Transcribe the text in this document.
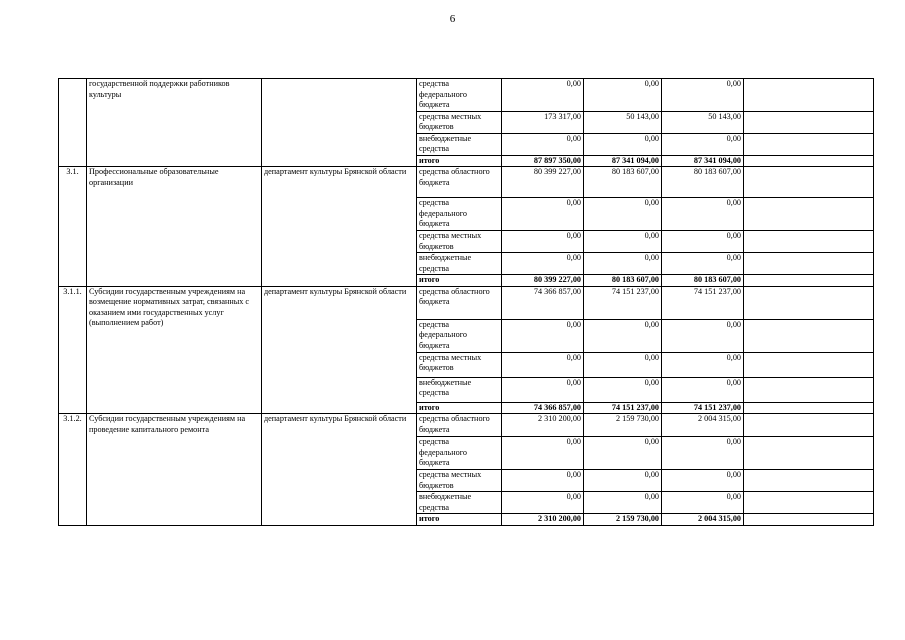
6
	государственной поддержки работников культуры		средства федерального бюджета	0,00	0,00	0,00	
			средства местных бюджетов	173 317,00	50 143,00	50 143,00	
			внебюджетные средства	0,00	0,00	0,00	
			итого	87 897 350,00	87 341 094,00	87 341 094,00	
3.1.	Профессиональные образовательные организации	департамент культуры Брянской области	средства областного бюджета	80 399 227,00	80 183 607,00	80 183 607,00	
			средства федерального бюджета	0,00	0,00	0,00	
			средства местных бюджетов	0,00	0,00	0,00	
			внебюджетные средства	0,00	0,00	0,00	
			итого	80 399 227,00	80 183 607,00	80 183 607,00	
3.1.1.	Субсидии государственным учреждениям на возмещение нормативных затрат, связанных с оказанием ими государственных услуг (выполнением работ)	департамент культуры Брянской области	средства областного бюджета	74 366 857,00	74 151 237,00	74 151 237,00	
			средства федерального бюджета	0,00	0,00	0,00	
			средства местных бюджетов	0,00	0,00	0,00	
			внебюджетные средства	0,00	0,00	0,00	
			итого	74 366 857,00	74 151 237,00	74 151 237,00	
3.1.2.	Субсидии государственным учреждениям на проведение капитального ремонта	департамент культуры Брянской области	средства областного бюджета	2 310 200,00	2 159 730,00	2 004 315,00	
			средства федерального бюджета	0,00	0,00	0,00	
			средства местных бюджетов	0,00	0,00	0,00	
			внебюджетные средства	0,00	0,00	0,00	
			итого	2 310 200,00	2 159 730,00	2 004 315,00	
